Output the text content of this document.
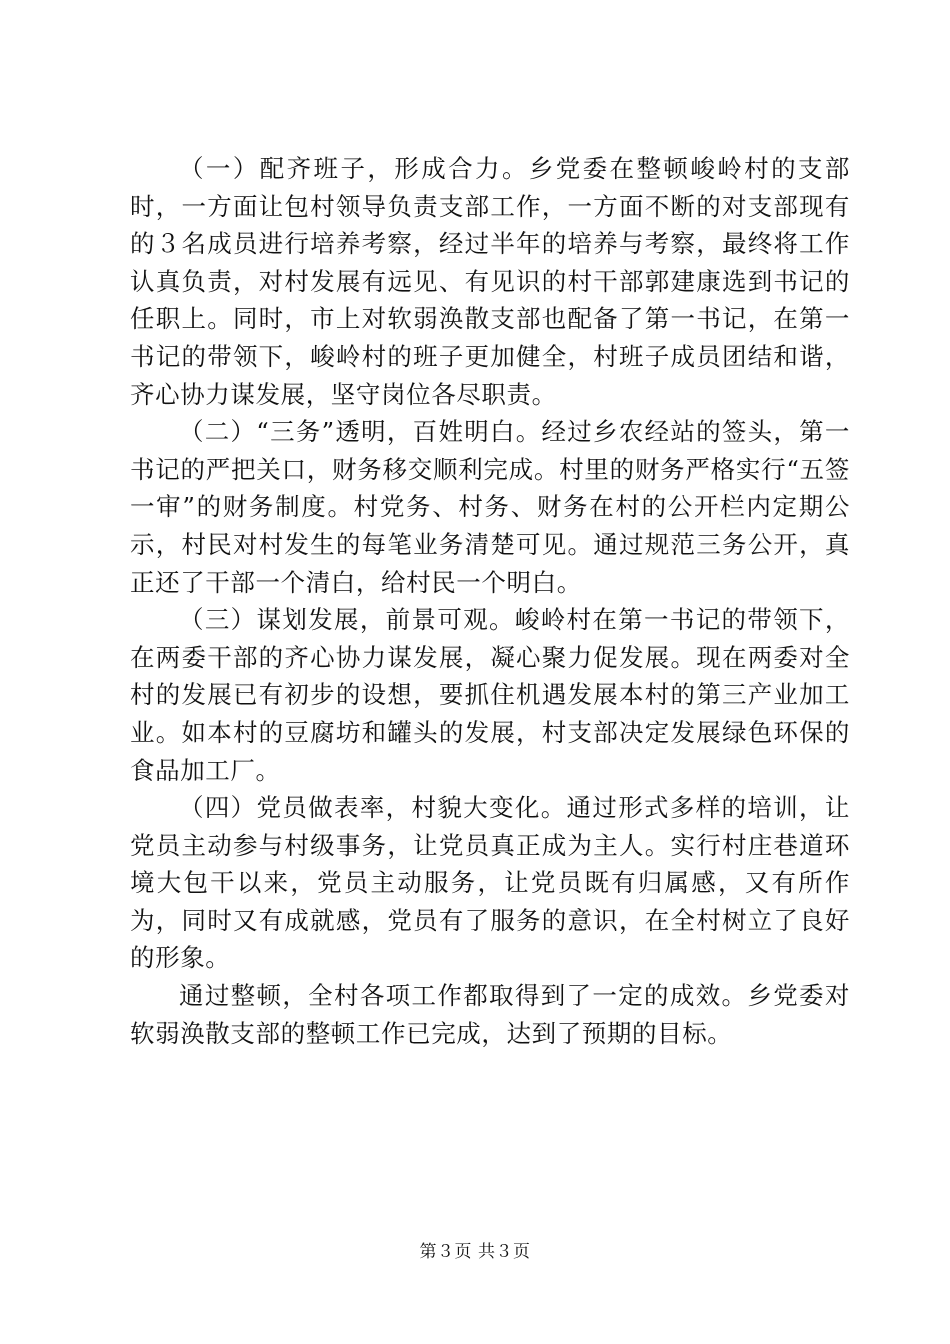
（一）配齐班子，形成合力。乡党委在整顿峻岭村的支部时，一方面让包村领导负责支部工作，一方面不断的对支部现有的３名成员进行培养考察，经过半年的培养与考察，最终将工作认真负责，对村发展有远见、有见识的村干部郭建康选到书记的任职上。同时，市上对软弱涣散支部也配备了第一书记，在第一书记的带领下，峻岭村的班子更加健全，村班子成员团结和谐，齐心协力谋发展，坚守岗位各尽职责。

（二）“三务”透明，百姓明白。经过乡农经站的签头，第一书记的严把关口，财务移交顺利完成。村里的财务严格实行“五签一审”的财务制度。村党务、村务、财务在村的公开栏内定期公示，村民对村发生的每笔业务清楚可见。通过规范三务公开，真正还了干部一个清白，给村民一个明白。

（三）谋划发展，前景可观。峻岭村在第一书记的带领下，在两委干部的齐心协力谋发展，凝心聚力促发展。现在两委对全村的发展已有初步的设想，要抓住机遇发展本村的第三产业加工业。如本村的豆腐坊和罐头的发展，村支部决定发展绿色环保的食品加工厂。

（四）党员做表率，村貌大变化。通过形式多样的培训，让党员主动参与村级事务，让党员真正成为主人。实行村庄巷道环境大包干以来，党员主动服务，让党员既有归属感，又有所作为，同时又有成就感，党员有了服务的意识，在全村树立了良好的形象。

通过整顿，全村各项工作都取得到了一定的成效。乡党委对软弱涣散支部的整顿工作已完成，达到了预期的目标。

第３页 共３页
